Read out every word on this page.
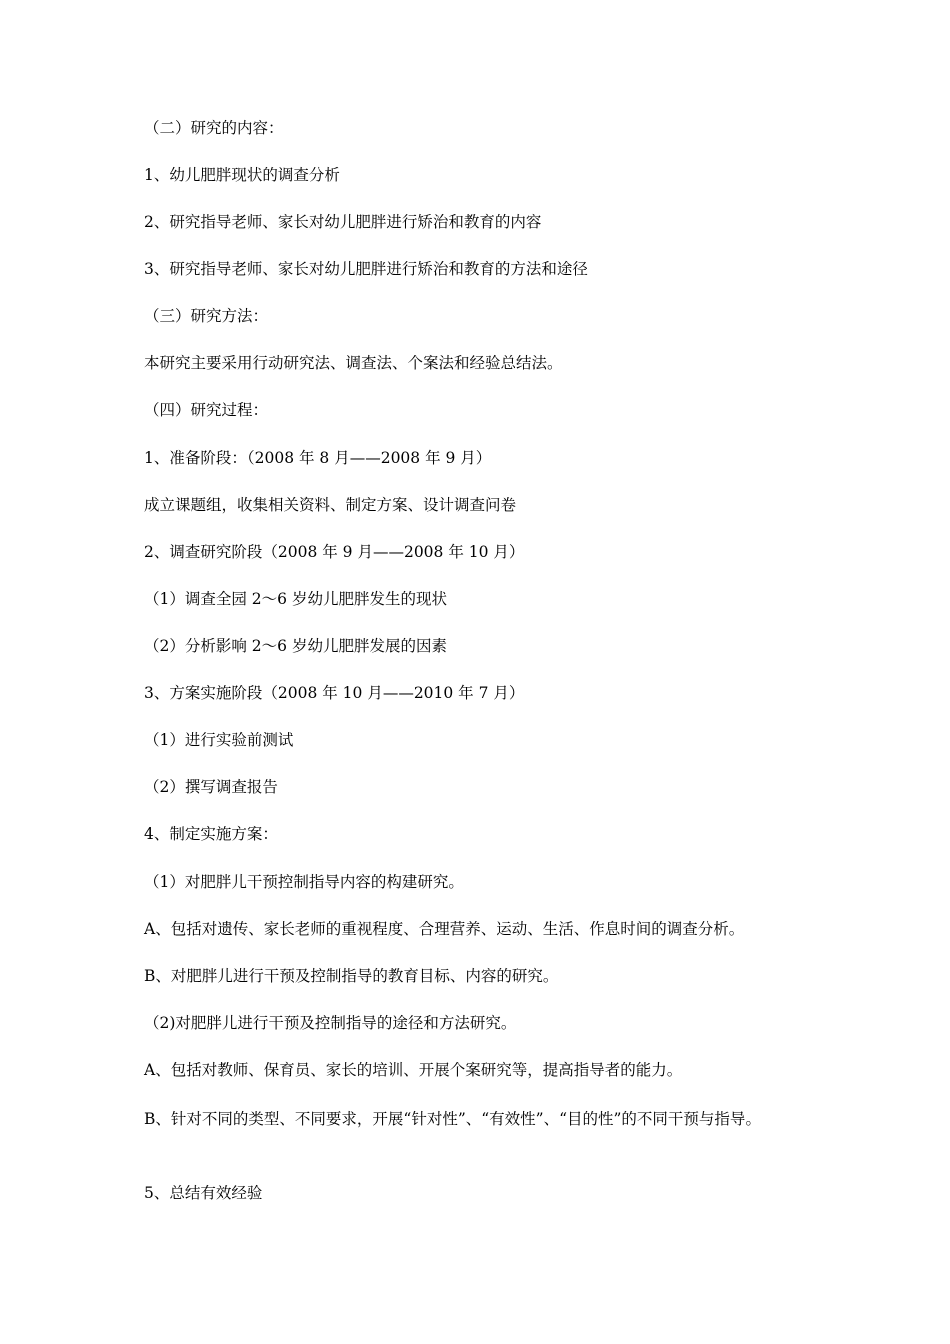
（二）研究的内容：
1、幼儿肥胖现状的调查分析
2、研究指导老师、家长对幼儿肥胖进行矫治和教育的内容
3、研究指导老师、家长对幼儿肥胖进行矫治和教育的方法和途径
（三）研究方法：
本研究主要采用行动研究法、调查法、个案法和经验总结法。
（四）研究过程：
1、准备阶段：（2008 年 8 月——2008 年 9 月）
成立课题组，收集相关资料、制定方案、设计调查问卷
2、调查研究阶段（2008 年 9 月——2008 年 10 月）
（1）调查全园 2～6 岁幼儿肥胖发生的现状
（2）分析影响 2～6 岁幼儿肥胖发展的因素
3、方案实施阶段（2008 年 10 月——2010 年 7 月）
（1）进行实验前测试
（2）撰写调查报告
4、制定实施方案：
（1）对肥胖儿干预控制指导内容的构建研究。
A、包括对遗传、家长老师的重视程度、合理营养、运动、生活、作息时间的调查分析。
B、对肥胖儿进行干预及控制指导的教育目标、内容的研究。
（2)对肥胖儿进行干预及控制指导的途径和方法研究。
A、包括对教师、保育员、家长的培训、开展个案研究等，提高指导者的能力。
B、针对不同的类型、不同要求，开展“针对性”、“有效性”、“目的性”的不同干预与指导。
5、总结有效经验
